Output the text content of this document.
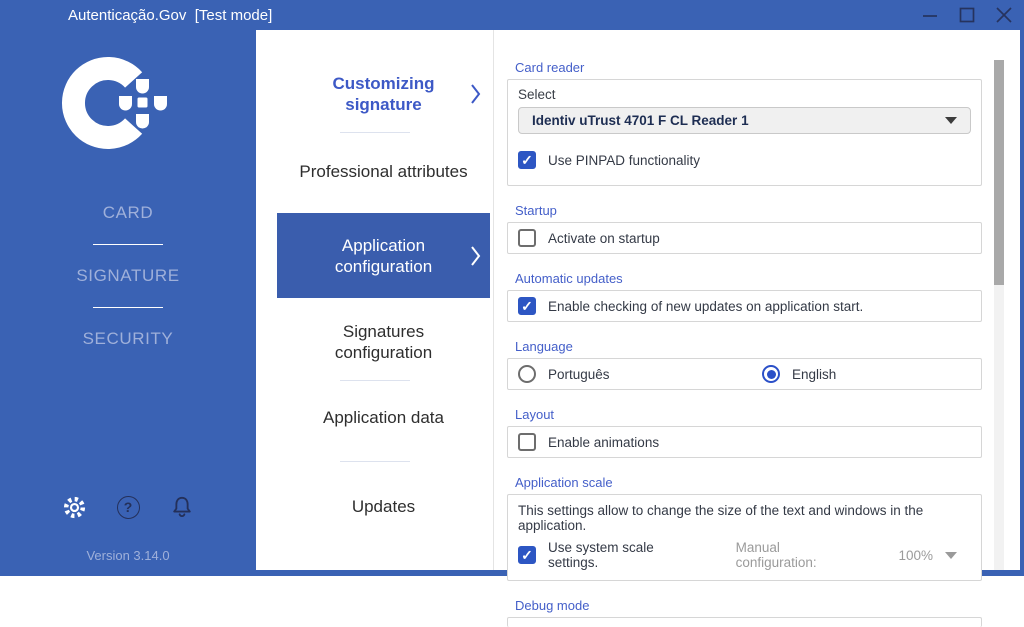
Autenticação.Gov  [Test mode]
CARD
SIGNATURE
SECURITY
?
Version 3.14.0
Customizing signature
Professional attributes
Application configuration
Signatures configuration
Application data
Updates
Card reader
Select
Identiv uTrust 4701 F CL Reader 1
✓
Use PINPAD functionality
Startup
Activate on startup
Automatic updates
✓
Enable checking of new updates on application start.
Language
Português	English
Layout
Enable animations
Application scale
This settings allow to change the size of the text and windows in the application.
✓
Use system scale settings.
Manual configuration:	100%
Debug mode
